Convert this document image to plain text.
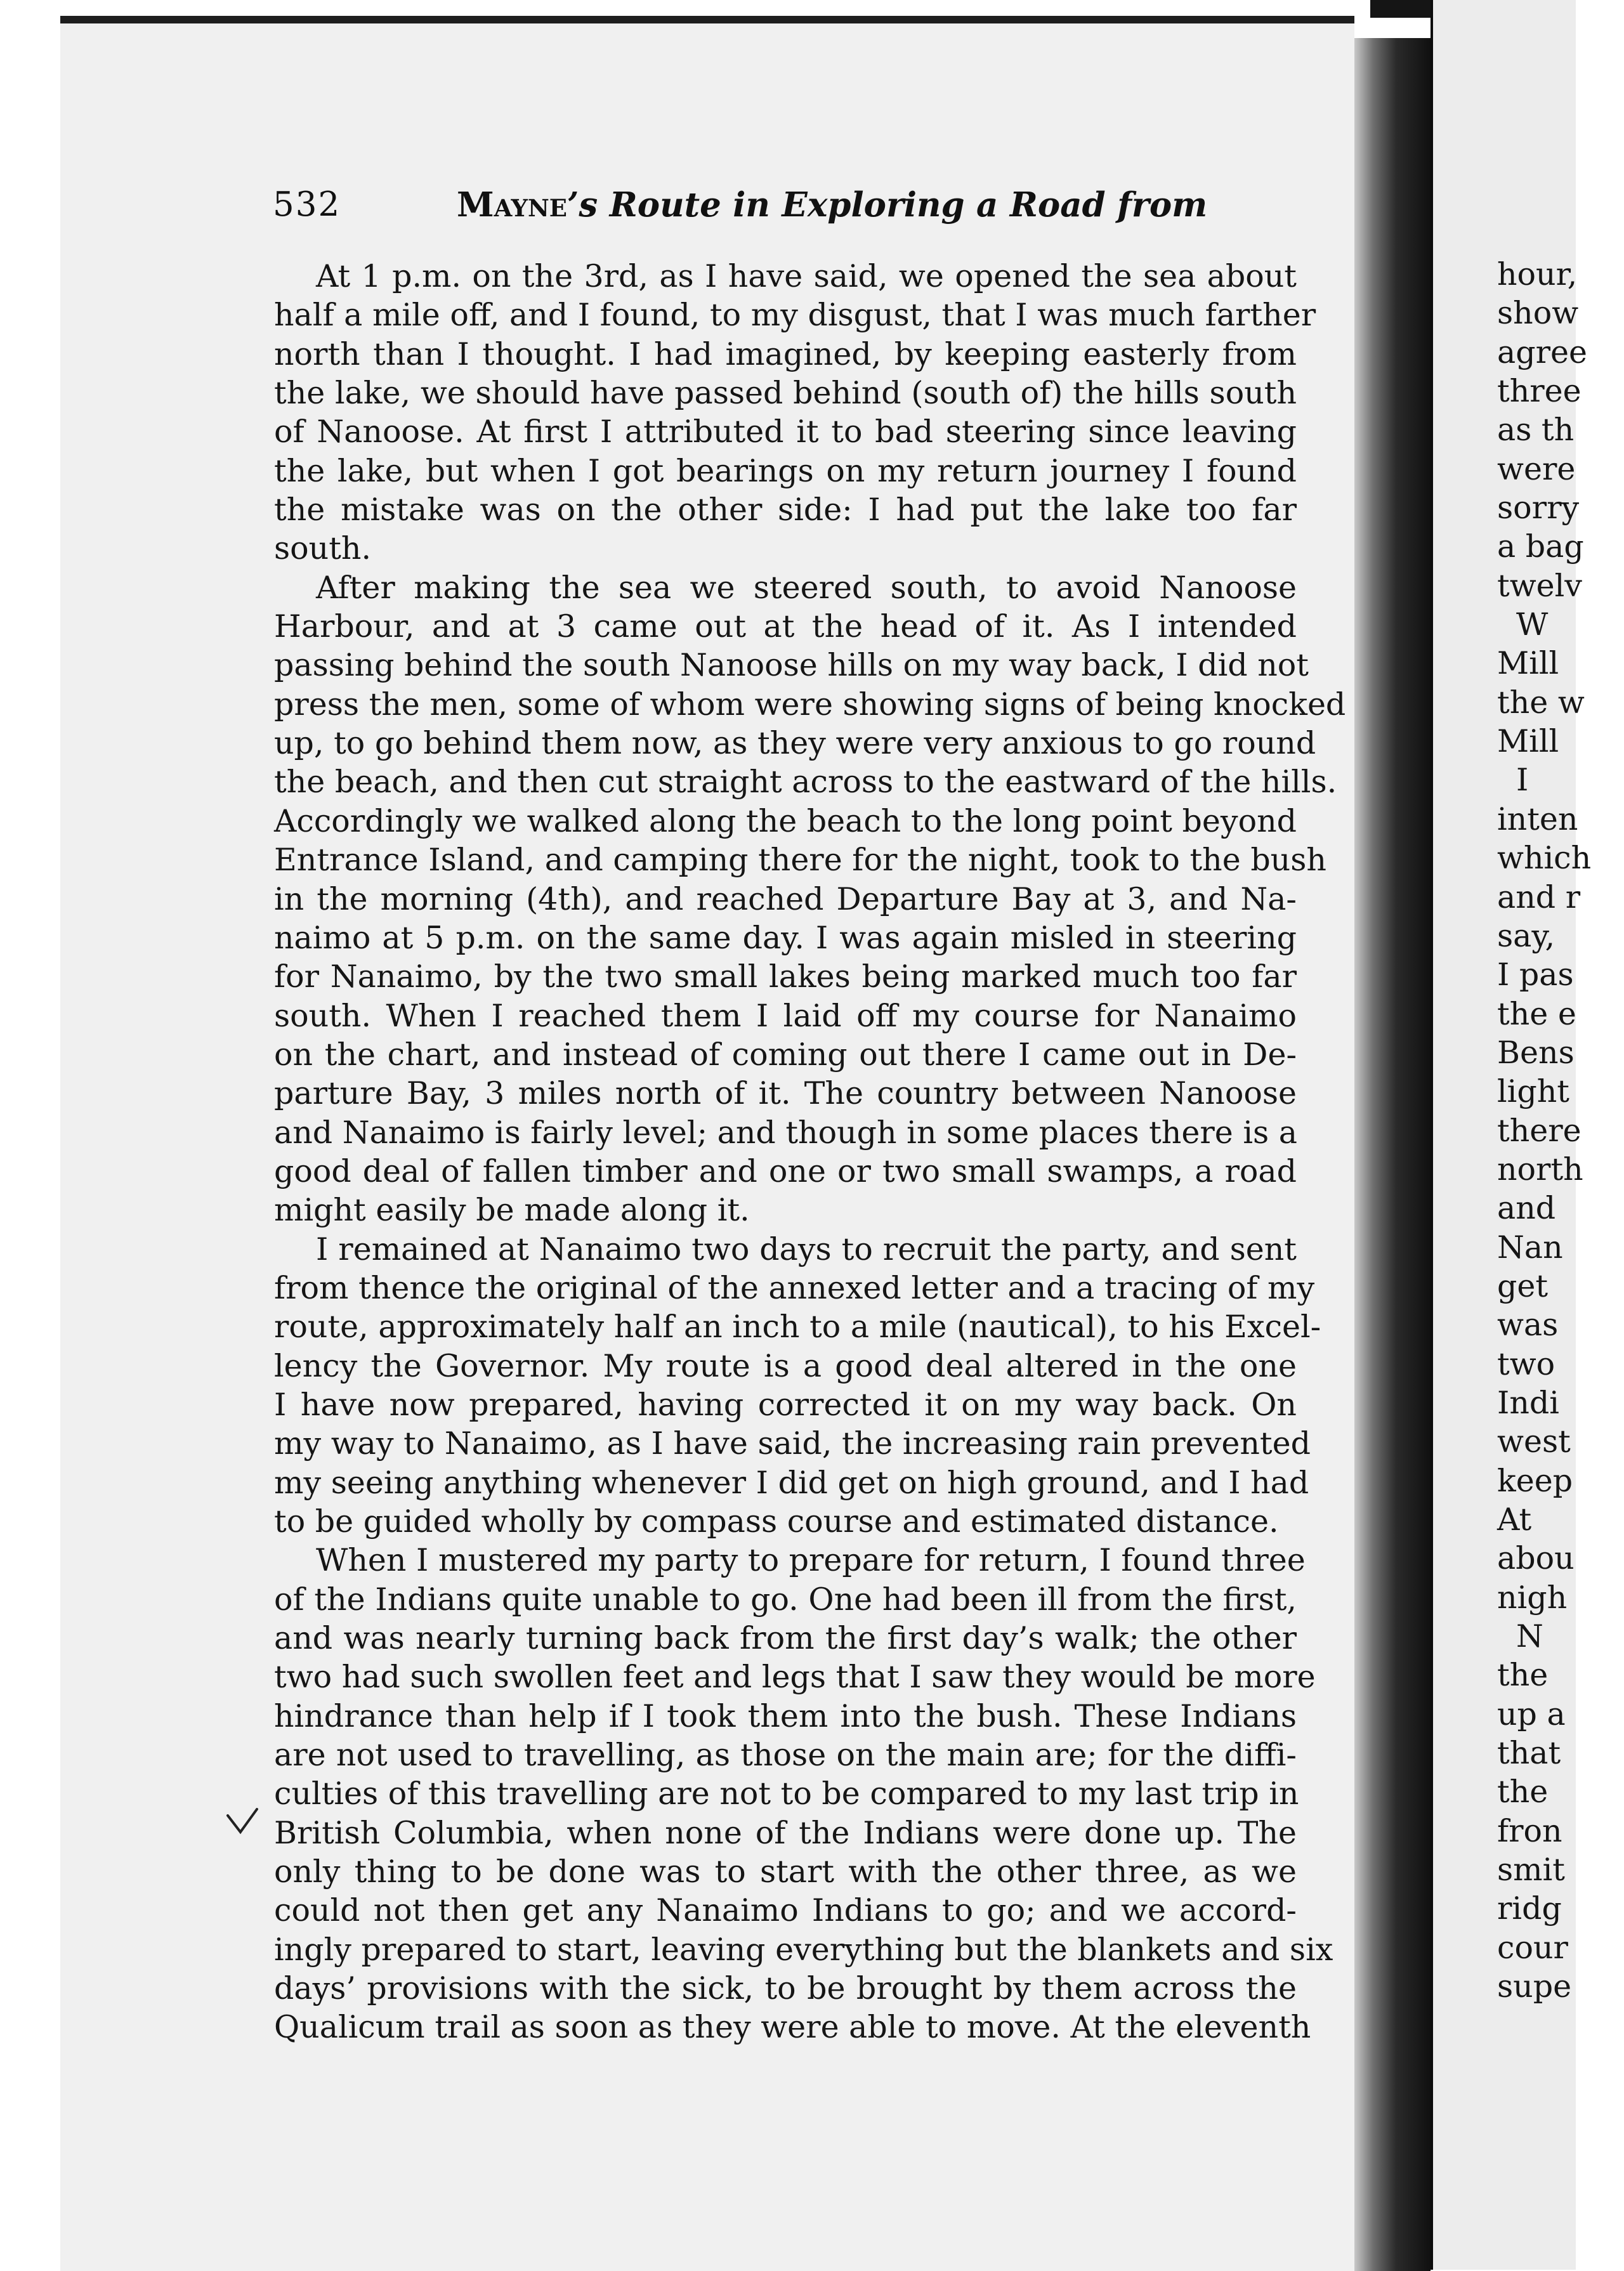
532	Mayne’s Route in Exploring a Road from
At 1 p.m. on the 3rd, as I have said, we opened the sea about
half a mile off, and I found, to my disgust, that I was much farther
north than I thought. I had imagined, by keeping easterly from
the lake, we should have passed behind (south of) the hills south
of Nanoose. At first I attributed it to bad steering since leaving
the lake, but when I got bearings on my return journey I found
the mistake was on the other side: I had put the lake too far
south.
After making the sea we steered south, to avoid Nanoose
Harbour, and at 3 came out at the head of it. As I intended
passing behind the south Nanoose hills on my way back, I did not
press the men, some of whom were showing signs of being knocked
up, to go behind them now, as they were very anxious to go round
the beach, and then cut straight across to the eastward of the hills.
Accordingly we walked along the beach to the long point beyond
Entrance Island, and camping there for the night, took to the bush
in the morning (4th), and reached Departure Bay at 3, and Na-
naimo at 5 p.m. on the same day. I was again misled in steering
for Nanaimo, by the two small lakes being marked much too far
south. When I reached them I laid off my course for Nanaimo
on the chart, and instead of coming out there I came out in De-
parture Bay, 3 miles north of it. The country between Nanoose
and Nanaimo is fairly level; and though in some places there is a
good deal of fallen timber and one or two small swamps, a road
might easily be made along it.
I remained at Nanaimo two days to recruit the party, and sent
from thence the original of the annexed letter and a tracing of my
route, approximately half an inch to a mile (nautical), to his Excel-
lency the Governor. My route is a good deal altered in the one
I have now prepared, having corrected it on my way back. On
my way to Nanaimo, as I have said, the increasing rain prevented
my seeing anything whenever I did get on high ground, and I had
to be guided wholly by compass course and estimated distance.
When I mustered my party to prepare for return, I found three
of the Indians quite unable to go. One had been ill from the first,
and was nearly turning back from the first day’s walk; the other
two had such swollen feet and legs that I saw they would be more
hindrance than help if I took them into the bush. These Indians
are not used to travelling, as those on the main are; for the diffi-
culties of this travelling are not to be compared to my last trip in
British Columbia, when none of the Indians were done up. The
only thing to be done was to start with the other three, as we
could not then get any Nanaimo Indians to go; and we accord-
ingly prepared to start, leaving everything but the blankets and six
days’ provisions with the sick, to be brought by them across the
Qualicum trail as soon as they were able to move. At the eleventh
hour,
show
agree
three
as th
were
sorry
a bag
twelv
W
Mill
the w
Mill
I
inten
which
and r
say,
I pas
the e
Bens
light
there
north
and
Nan
get
was
two
Indi
west
keep
At
abou
nigh
N
the
up a
that
the
fron
smit
ridg
cour
supe
